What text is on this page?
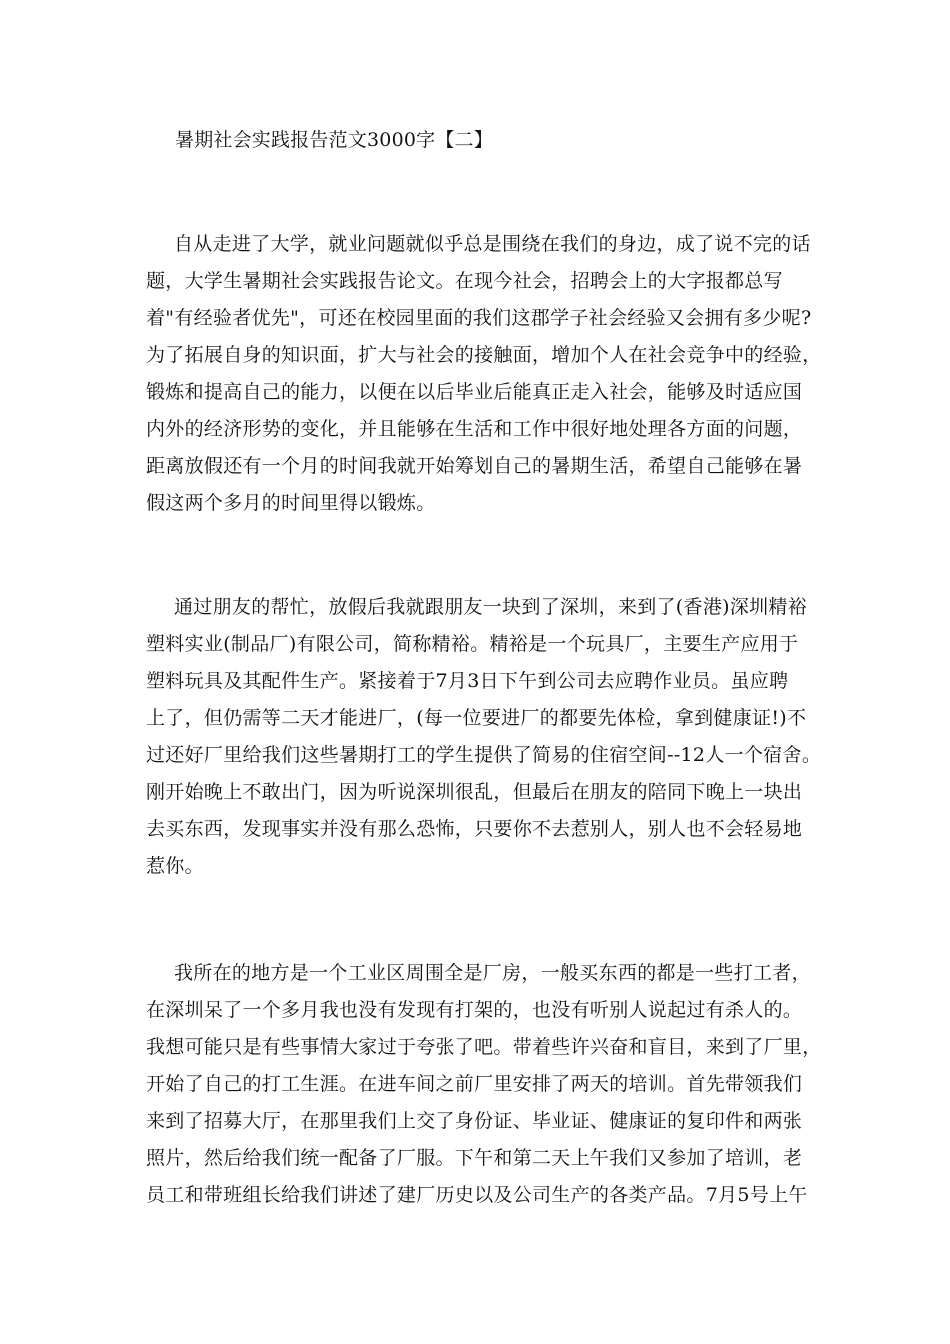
暑期社会实践报告范文3000字【二】
自从走进了大学，就业问题就似乎总是围绕在我们的身边，成了说不完的话
题，大学生暑期社会实践报告论文。在现今社会，招聘会上的大字报都总写
着"有经验者优先"，可还在校园里面的我们这郡学子社会经验又会拥有多少呢?
为了拓展自身的知识面，扩大与社会的接触面，增加个人在社会竞争中的经验，
锻炼和提高自己的能力，以便在以后毕业后能真正走入社会，能够及时适应国
内外的经济形势的变化，并且能够在生活和工作中很好地处理各方面的问题，
距离放假还有一个月的时间我就开始筹划自己的暑期生活，希望自己能够在暑
假这两个多月的时间里得以锻炼。
通过朋友的帮忙，放假后我就跟朋友一块到了深圳，来到了(香港)深圳精裕
塑料实业(制品厂)有限公司，简称精裕。精裕是一个玩具厂，主要生产应用于
塑料玩具及其配件生产。紧接着于7月3日下午到公司去应聘作业员。虽应聘
上了，但仍需等二天才能进厂，(每一位要进厂的都要先体检，拿到健康证!)不
过还好厂里给我们这些暑期打工的学生提供了简易的住宿空间--12人一个宿舍。
刚开始晚上不敢出门，因为听说深圳很乱，但最后在朋友的陪同下晚上一块出
去买东西，发现事实并没有那么恐怖，只要你不去惹别人，别人也不会轻易地
惹你。
我所在的地方是一个工业区周围全是厂房，一般买东西的都是一些打工者，
在深圳呆了一个多月我也没有发现有打架的，也没有听别人说起过有杀人的。
我想可能只是有些事情大家过于夸张了吧。带着些许兴奋和盲目，来到了厂里，
开始了自己的打工生涯。在进车间之前厂里安排了两天的培训。首先带领我们
来到了招募大厅，在那里我们上交了身份证、毕业证、健康证的复印件和两张
照片，然后给我们统一配备了厂服。下午和第二天上午我们又参加了培训，老
员工和带班组长给我们讲述了建厂历史以及公司生产的各类产品。7月5号上午
